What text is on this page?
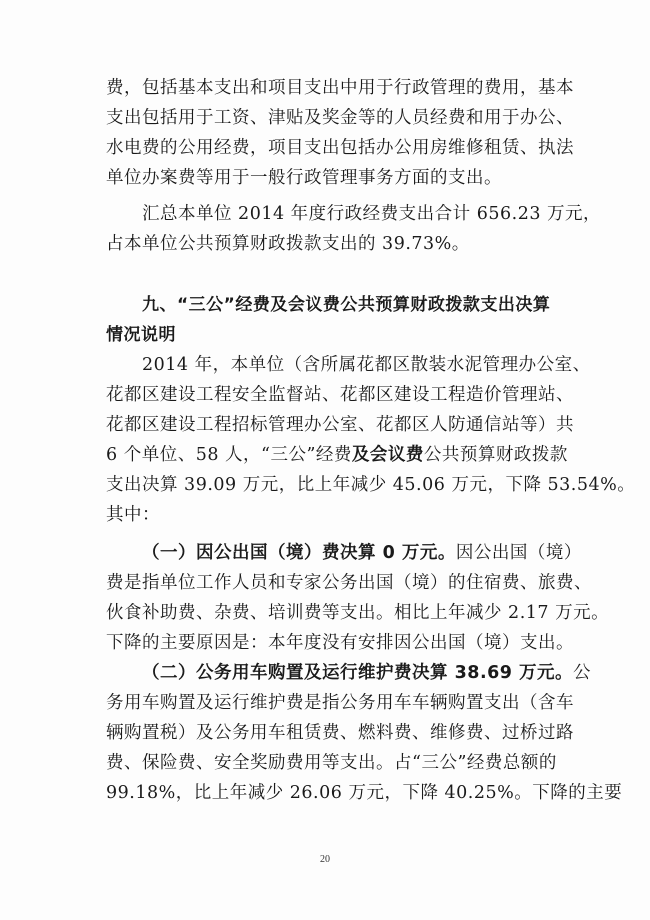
费，包括基本支出和项目支出中用于行政管理的费用，基本
支出包括用于工资、津贴及奖金等的人员经费和用于办公、
水电费的公用经费，项目支出包括办公用房维修租赁、执法
单位办案费等用于一般行政管理事务方面的支出。
汇总本单位 2014 年度行政经费支出合计 656.23 万元，
占本单位公共预算财政拨款支出的 39.73%。
九、“三公”经费及会议费公共预算财政拨款支出决算
情况说明
2014 年，本单位（含所属花都区散装水泥管理办公室、
花都区建设工程安全监督站、花都区建设工程造价管理站、
花都区建设工程招标管理办公室、花都区人防通信站等）共
6 个单位、58 人，“三公”经费及会议费公共预算财政拨款
支出决算 39.09 万元，比上年减少 45.06 万元，下降 53.54%。
其中：
（一）因公出国（境）费决算 0 万元。因公出国（境）
费是指单位工作人员和专家公务出国（境）的住宿费、旅费、
伙食补助费、杂费、培训费等支出。相比上年减少 2.17 万元。
下降的主要原因是：本年度没有安排因公出国（境）支出。
（二）公务用车购置及运行维护费决算 38.69 万元。公
务用车购置及运行维护费是指公务用车车辆购置支出（含车
辆购置税）及公务用车租赁费、燃料费、维修费、过桥过路
费、保险费、安全奖励费用等支出。占“三公”经费总额的
99.18%，比上年减少 26.06 万元，下降 40.25%。下降的主要
20
